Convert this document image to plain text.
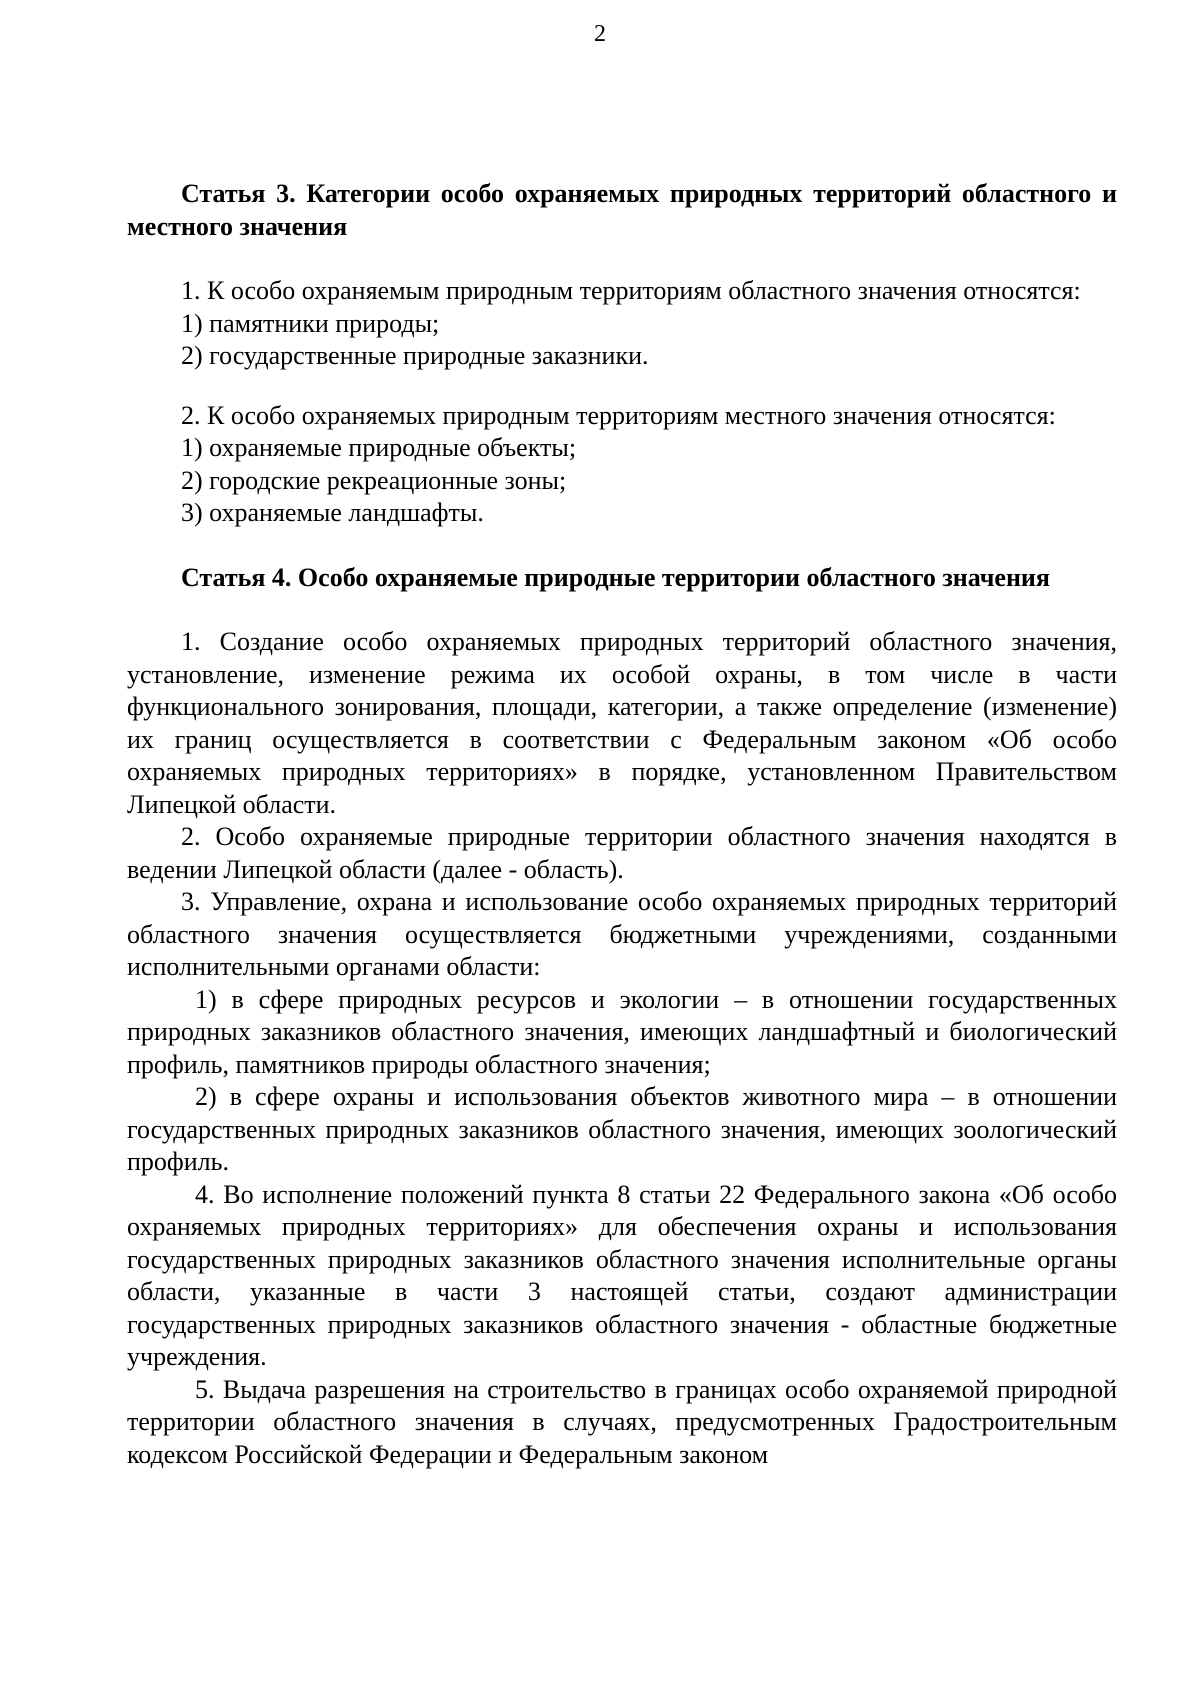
2

Статья 3. Категории особо охраняемых природных территорий областного и местного значения

1. К особо охраняемым природным территориям областного значения относятся:

1) памятники природы;

2) государственные природные заказники.

2. К особо охраняемых природным территориям местного значения относятся:

1) охраняемые природные объекты;

2) городские рекреационные зоны;

3) охраняемые ландшафты.

Статья 4. Особо охраняемые природные территории областного значения

1. Создание особо охраняемых природных территорий областного значения, установление, изменение режима их особой охраны, в том числе в части функционального зонирования, площади, категории, а также определение (изменение) их границ осуществляется в соответствии с Федеральным законом «Об особо охраняемых природных территориях» в порядке, установленном Правительством Липецкой области.

2. Особо охраняемые природные территории областного значения находятся в ведении Липецкой области (далее - область).

3. Управление, охрана и использование особо охраняемых природных территорий областного значения осуществляется бюджетными учреждениями, созданными исполнительными органами области:

1) в сфере природных ресурсов и экологии – в отношении государственных природных заказников областного значения, имеющих ландшафтный и биологический профиль, памятников природы областного значения;

2) в сфере охраны и использования объектов животного мира – в отношении государственных природных заказников областного значения, имеющих зоологический профиль.

4. Во исполнение положений пункта 8 статьи 22 Федерального закона «Об особо охраняемых природных территориях» для обеспечения охраны и использования государственных природных заказников областного значения исполнительные органы области, указанные в части 3 настоящей статьи, создают администрации государственных природных заказников областного значения - областные бюджетные учреждения.

5. Выдача разрешения на строительство в границах особо охраняемой природной территории областного значения в случаях, предусмотренных Градостроительным кодексом Российской Федерации и Федеральным законом
